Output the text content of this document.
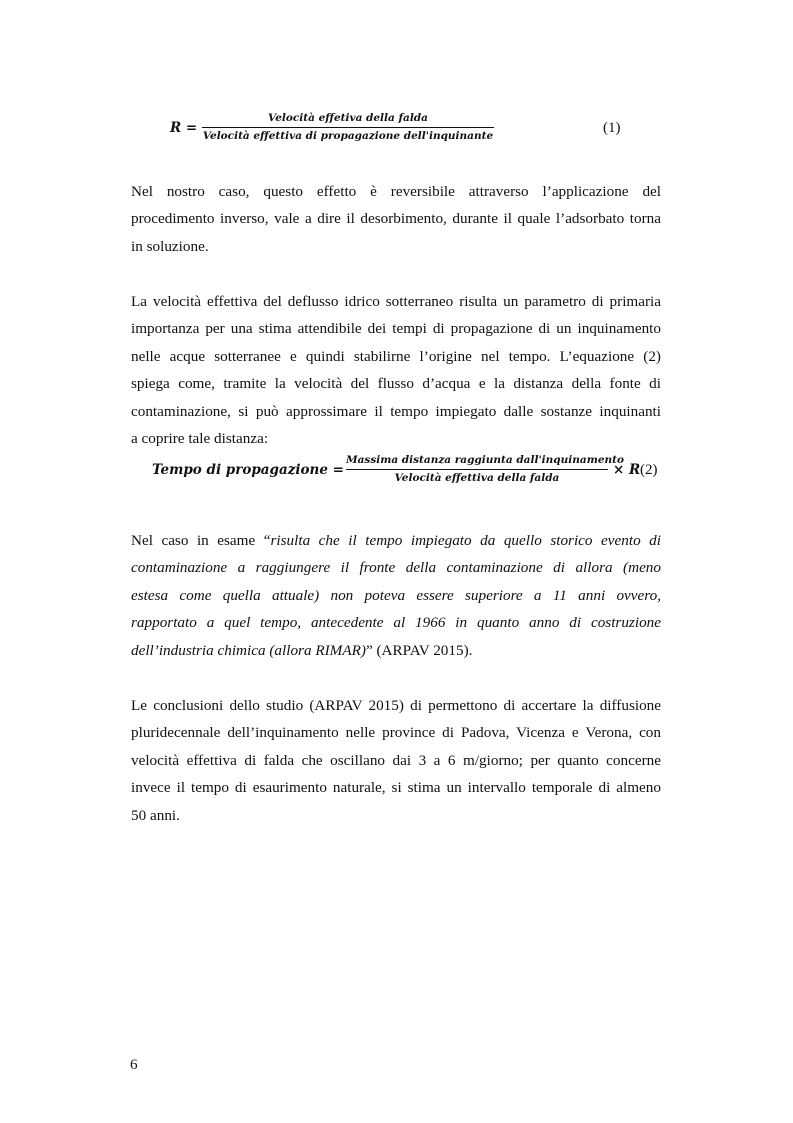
R =
Velocità effetiva della falda
Velocità effettiva di propagazione dell'inquinante	(1)

Nel nostro caso, questo effetto è reversibile attraverso l’applicazione del
procedimento inverso, vale a dire il desorbimento, durante il quale l’adsorbato torna
in soluzione.

La velocità effettiva del deflusso idrico sotterraneo risulta un parametro di primaria
importanza per una stima attendibile dei tempi di propagazione di un inquinamento
nelle acque sotterranee e quindi stabilirne l’origine nel tempo. L’equazione (2)
spiega come, tramite la velocità del flusso d’acqua e la distanza della fonte di
contaminazione, si può approssimare il tempo impiegato dalle sostanze inquinanti
a coprire tale distanza:

Tempo di propagazione =
Massima distanza raggiunta dall'inquinamento
Velocità effettiva della falda	× R (2)

Nel caso in esame “risulta che il tempo impiegato da quello storico evento di
contaminazione a raggiungere il fronte della contaminazione di allora (meno
estesa come quella attuale) non poteva essere superiore a 11 anni ovvero,
rapportato a quel tempo, antecedente al 1966 in quanto anno di costruzione
dell’industria chimica (allora RIMAR)” (ARPAV 2015).

Le conclusioni dello studio (ARPAV 2015) di permettono di accertare la diffusione
pluridecennale dell’inquinamento nelle province di Padova, Vicenza e Verona, con
velocità effettiva di falda che oscillano dai 3 a 6 m/giorno; per quanto concerne
invece il tempo di esaurimento naturale, si stima un intervallo temporale di almeno
50 anni.

6
